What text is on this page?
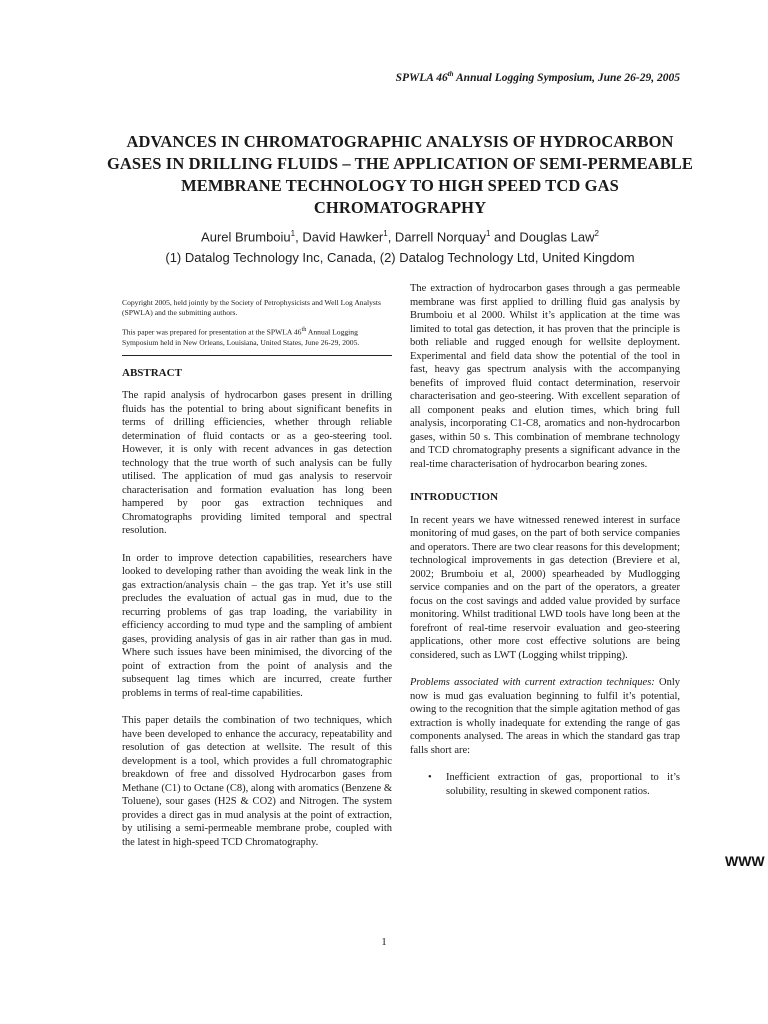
SPWLA 46th Annual Logging Symposium, June 26-29, 2005
ADVANCES IN CHROMATOGRAPHIC ANALYSIS OF HYDROCARBON GASES IN DRILLING FLUIDS – THE APPLICATION OF SEMI-PERMEABLE MEMBRANE TECHNOLOGY TO HIGH SPEED TCD GAS CHROMATOGRAPHY
Aurel Brumboiu$^1$, David Hawker$^1$, Darrell Norquay$^1$ and Douglas Law$^2$
(1) Datalog Technology Inc, Canada, (2) Datalog Technology Ltd, United Kingdom
Copyright 2005, held jointly by the Society of Petrophysicists and Well Log Analysts (SPWLA) and the submitting authors.
This paper was prepared for presentation at the SPWLA 46th Annual Logging Symposium held in New Orleans, Louisiana, United States, June 26-29, 2005.
ABSTRACT

The rapid analysis of hydrocarbon gases present in drilling fluids has the potential to bring about significant benefits in terms of drilling efficiencies, whether through reliable determination of fluid contacts or as a geo-steering tool. However, it is only with recent advances in gas detection technology that the true worth of such analysis can be fully utilised. The application of mud gas analysis to reservoir characterisation and formation evaluation has long been hampered by poor gas extraction techniques and Chromatographs providing limited temporal and spectral resolution.

In order to improve detection capabilities, researchers have looked to developing rather than avoiding the weak link in the gas extraction/analysis chain – the gas trap. Yet it’s use still precludes the evaluation of actual gas in mud, due to the recurring problems of gas trap loading, the variability in efficiency according to mud type and the sampling of ambient gases, providing analysis of gas in air rather than gas in mud. Where such issues have been minimised, the divorcing of the point of extraction from the point of analysis and the subsequent lag times which are incurred, create further problems in terms of real-time capabilities.

This paper details the combination of two techniques, which have been developed to enhance the accuracy, repeatability and resolution of gas detection at wellsite. The result of this development is a tool, which provides a full chromatographic breakdown of free and dissolved Hydrocarbon gases from Methane (C1) to Octane (C8), along with aromatics (Benzene & Toluene), sour gases (H2S & CO2) and Nitrogen. The system provides a direct gas in mud analysis at the point of extraction, by utilising a semi-permeable membrane probe, coupled with the latest in high-speed TCD Chromatography.

The extraction of hydrocarbon gases through a gas permeable membrane was first applied to drilling fluid gas analysis by Brumboiu et al 2000. Whilst it’s application at the time was limited to total gas detection, it has proven that the principle is both reliable and rugged enough for wellsite deployment. Experimental and field data show the potential of the tool in fast, heavy gas spectrum analysis with the accompanying benefits of improved fluid contact determination, reservoir characterisation and geo-steering. With excellent separation of all component peaks and elution times, which bring full analysis, incorporating C1-C8, aromatics and non-hydrocarbon gases, within 50 s. This combination of membrane technology and TCD chromatography presents a significant advance in the real-time characterisation of hydrocarbon bearing zones.

INTRODUCTION

In recent years we have witnessed renewed interest in surface monitoring of mud gases, on the part of both service companies and operators. There are two clear reasons for this development; technological improvements in gas detection (Breviere et al, 2002; Brumboiu et al, 2000) spearheaded by Mudlogging service companies and on the part of the operators, a greater focus on the cost savings and added value provided by surface monitoring. Whilst traditional LWD tools have long been at the forefront of real-time reservoir evaluation and geo-steering applications, other more cost effective solutions are being considered, such as LWT (Logging whilst tripping).

Problems associated with current extraction techniques: Only now is mud gas evaluation beginning to fulfil it’s potential, owing to the recognition that the simple agitation method of gas extraction is wholly inadequate for extending the range of gas components analysed. The areas in which the standard gas trap falls short are:

• Inefficient extraction of gas, proportional to it’s solubility, resulting in skewed component ratios.
1
WWW
